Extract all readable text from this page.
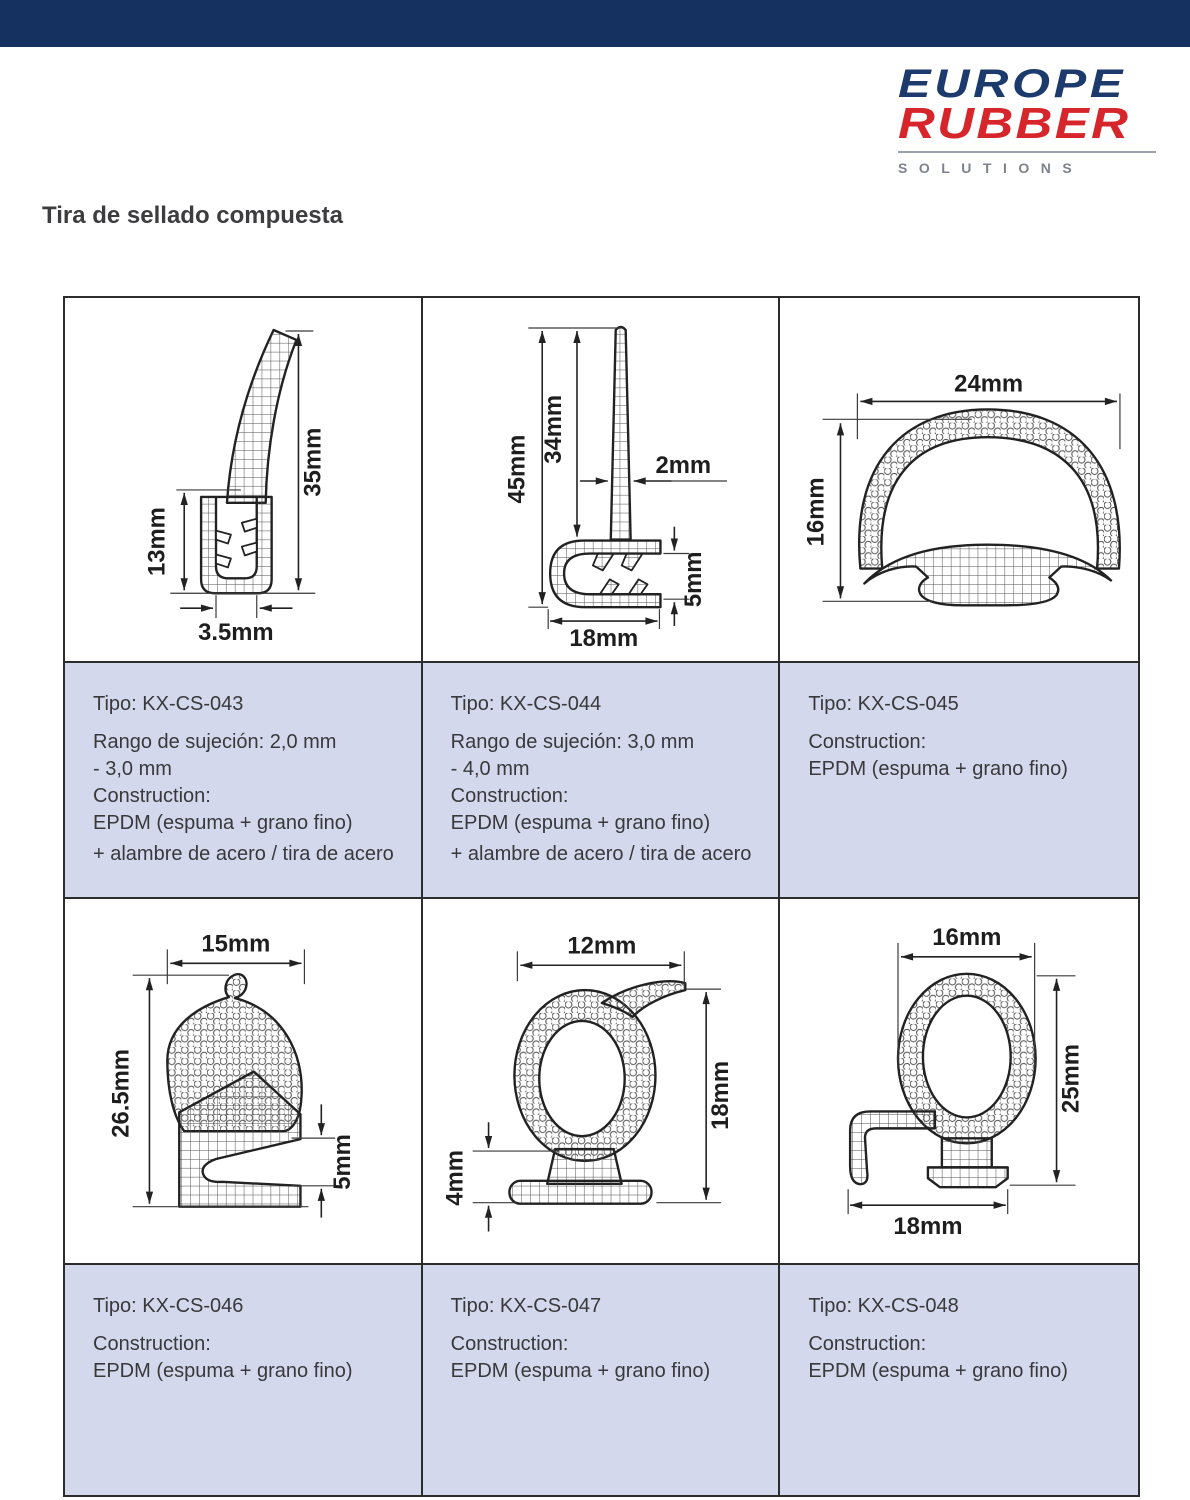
EUROPE
RUBBER
SOLUTIONS
Tira de sellado compuesta
13mm
35mm
3.5mm
45mm
34mm
2mm
5mm
18mm
24mm
16mm

Tipo: KX-CS-043

Rango de sujeción: 2,0 mm

- 3,0 mm

Construction:

EPDM (espuma + grano fino)

+ alambre de acero / tira de acero

Tipo: KX-CS-044

Rango de sujeción: 3,0 mm

- 4,0 mm

Construction:

EPDM (espuma + grano fino)

+ alambre de acero / tira de acero

Tipo: KX-CS-045

Construction:

EPDM (espuma + grano fino)

15mm
26.5mm
5mm
12mm
18mm
4mm
16mm
25mm
18mm

Tipo: KX-CS-046

Construction:

EPDM (espuma + grano fino)

Tipo: KX-CS-047

Construction:

EPDM (espuma + grano fino)

Tipo: KX-CS-048

Construction:

EPDM (espuma + grano fino)
